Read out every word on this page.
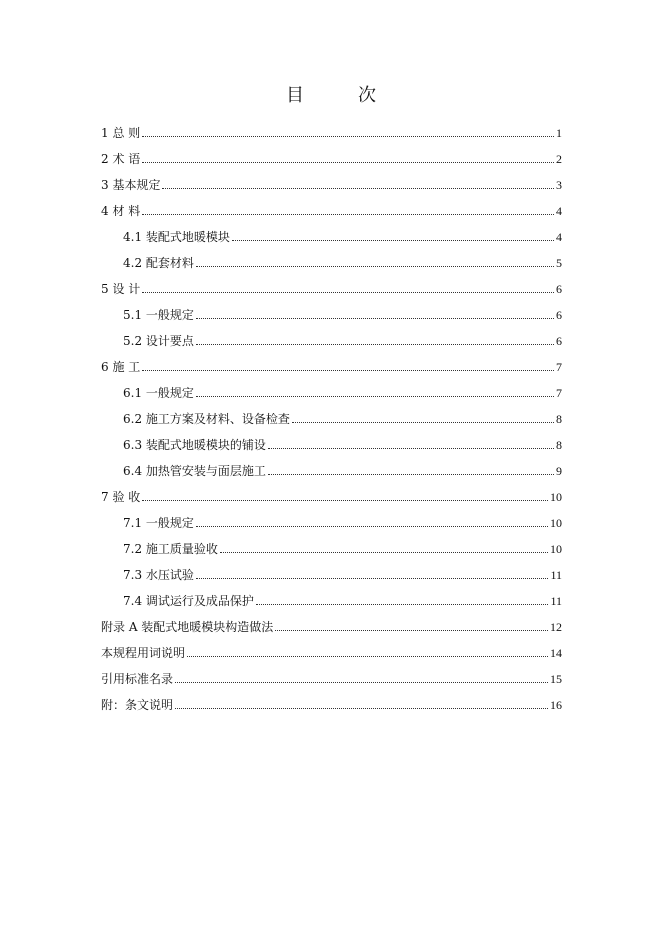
目　次
1 总 则	1
2 术 语	2
3 基本规定	3
4 材 料	4
4.1 装配式地暖模块	4
4.2 配套材料	5
5 设 计	6
5.1 一般规定	6
5.2 设计要点	6
6 施 工	7
6.1 一般规定	7
6.2 施工方案及材料、设备检查	8
6.3 装配式地暖模块的铺设	8
6.4 加热管安装与面层施工	9
7 验 收	10
7.1 一般规定	10
7.2 施工质量验收	10
7.3 水压试验	11
7.4 调试运行及成品保护	11
附录 A 装配式地暖模块构造做法	12
本规程用词说明	14
引用标准名录	15
附：条文说明	16
